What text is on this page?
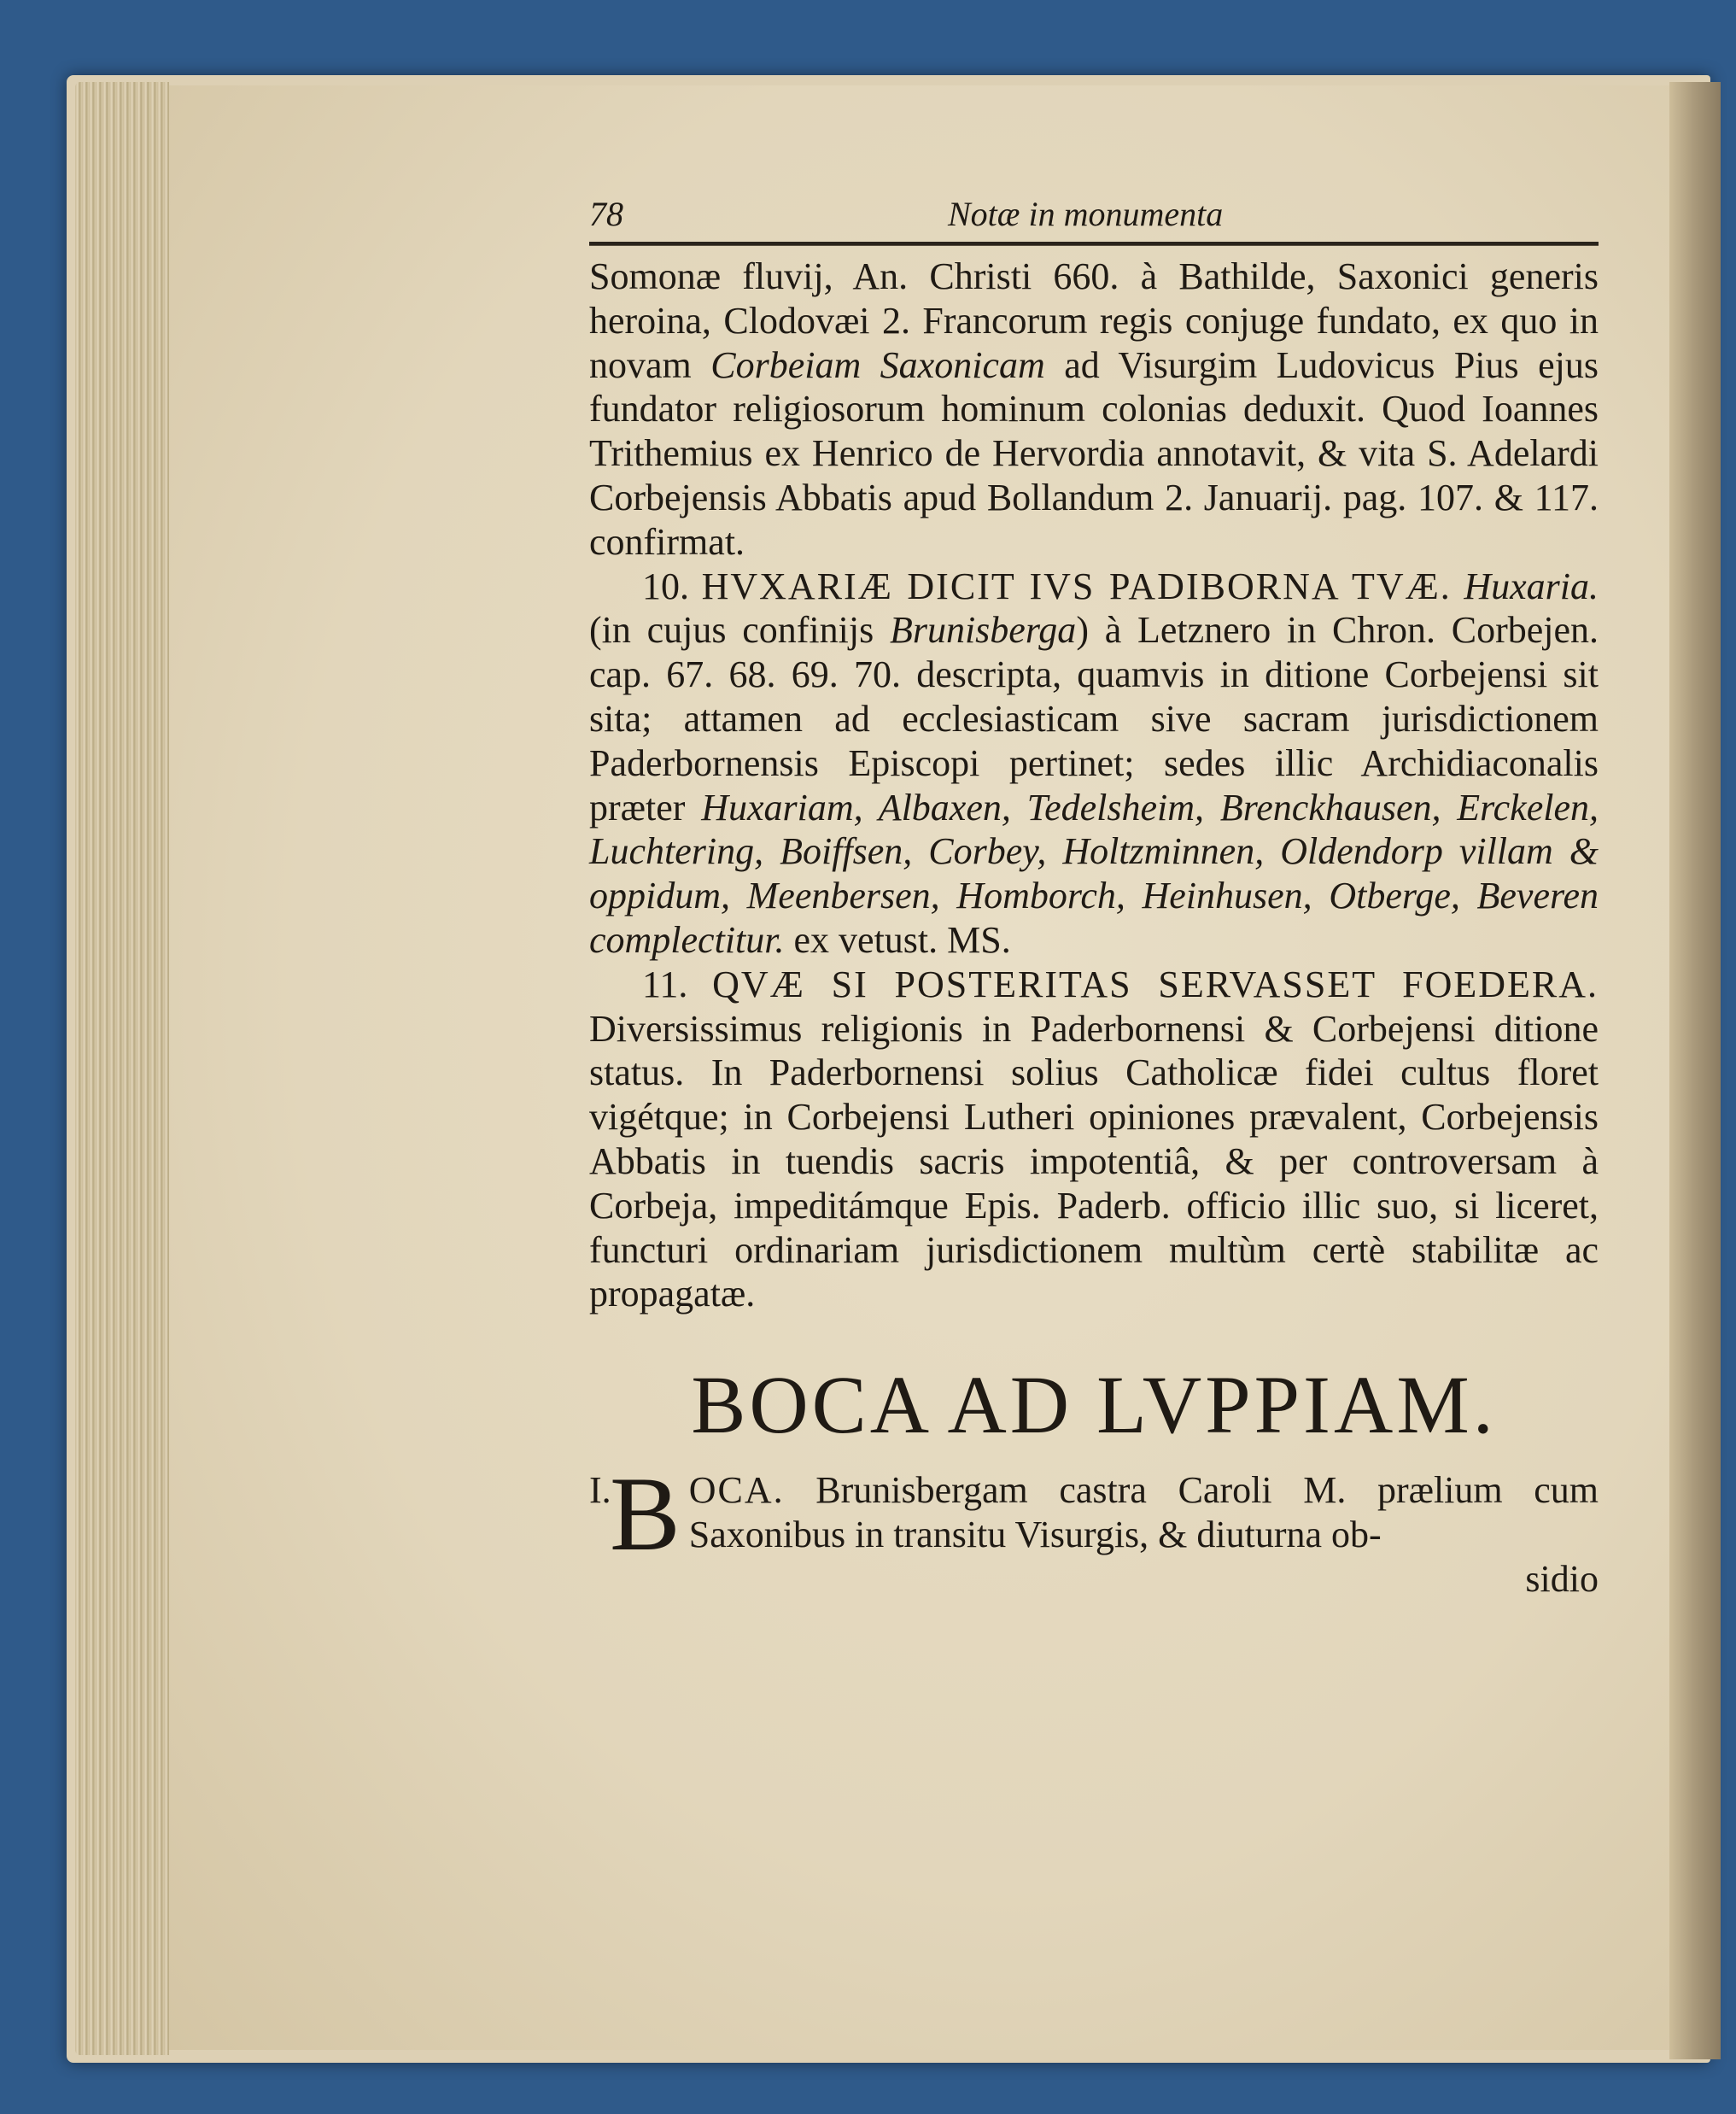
78	Notæ in monumenta

Somonæ fluvij, An. Christi 660. à Bathilde, Saxonici generis heroina, Clodovæi 2. Francorum regis conjuge fundato, ex quo in novam Corbeiam Saxonicam ad Visurgim Ludovicus Pius ejus fundator religiosorum hominum colonias deduxit. Quod Ioannes Trithemius ex Henrico de Hervordia annotavit, & vita S. Adelardi Corbejensis Abbatis apud Bollandum 2. Januarij. pag. 107. & 117. confirmat.

10. HVXARIÆ DICIT IVS PADIBORNA TVÆ. Huxaria. (in cujus confinijs Brunisberga) à Letznero in Chron. Corbejen. cap. 67. 68. 69. 70. descripta, quamvis in ditione Corbejensi sit sita; attamen ad ecclesiasticam sive sacram jurisdictionem Paderbornensis Episcopi pertinet; sedes illic Archidiaconalis præter Huxariam, Albaxen, Tedelsheim, Brenckhausen, Erckelen, Luchtering, Boiffsen, Corbey, Holtzminnen, Oldendorp villam & oppidum, Meenbersen, Homborch, Heinhusen, Otberge, Beveren complectitur. ex vetust. MS.

11. QVÆ SI POSTERITAS SERVASSET FOEDERA. Diversissimus religionis in Paderbornensi & Corbejensi ditione status. In Paderbornensi solius Catholicæ fidei cultus floret vigétque; in Corbejensi Lutheri opiniones prævalent, Corbejensis Abbatis in tuendis sacris impotentiâ, & per controversam à Corbeja, impeditámque Epis. Paderb. officio illic suo, si liceret, functuri ordinariam jurisdictionem multùm certè stabilitæ ac propagatæ.

BOCA AD LVPPIAM.
I.
B OCA. Brunisbergam castra Caroli M. prælium cum Saxonibus in transitu Visurgis, & diuturna ob-
sidio
